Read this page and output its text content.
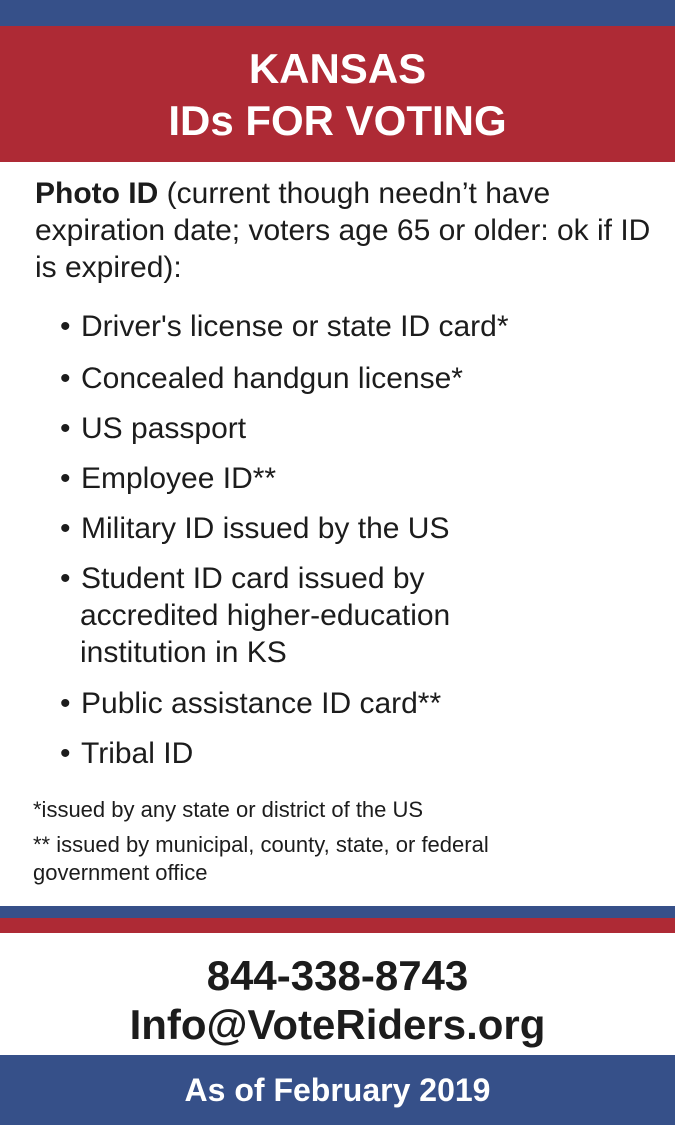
KANSAS
IDs FOR VOTING
Photo ID (current though needn’t have expiration date; voters age 65 or older: ok if ID is expired):
• Driver's license or state ID card*
• Concealed handgun license*
• US passport
• Employee ID**
• Military ID issued by the US
• Student ID card issued by
accredited higher-education
institution in KS
• Public assistance ID card**
• Tribal ID
*issued by any state or district of the US
** issued by municipal, county, state, or federal
government office
844-338-8743
Info@VoteRiders.org
As of February 2019
